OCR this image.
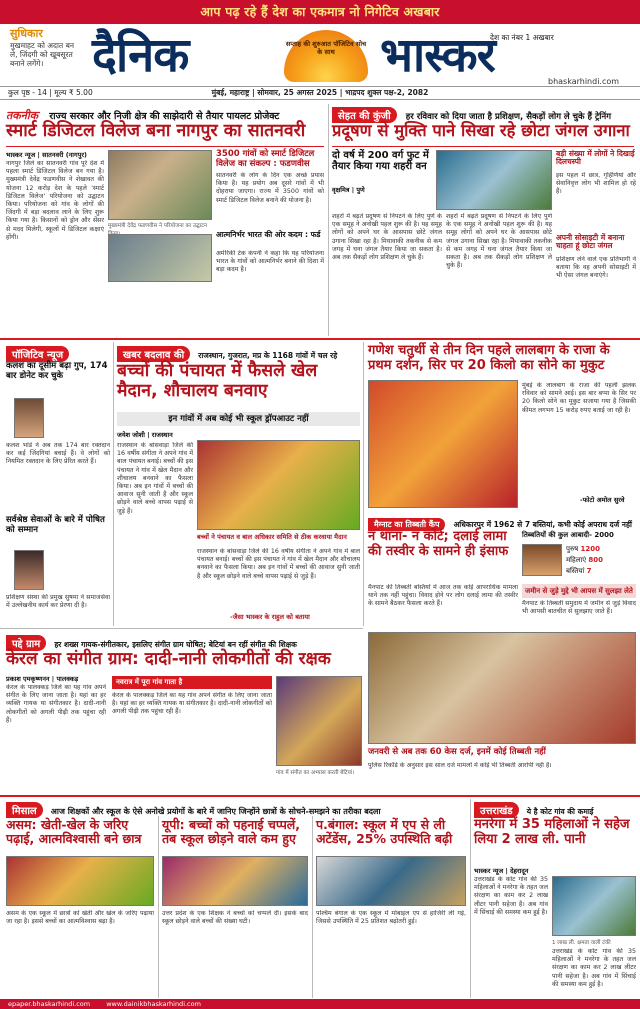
आप पढ़ रहे हैं देश का एकमात्र नो निगेटिव अखबार
सुधिकार
मुखमाहट को अदात बन ले, जिंदगी को खूबसूरत बनाने लगेंगे।	दैनिक	सप्ताह की शुरुआत पॉजिटिव सोच के साथ भास्कर
देश का नंबर 1 अखबार
bhaskarhindi.com
कुल पृष्ठ - 14 | मूल्य ₹ 5.00	मुंबई, महाराष्ट्र | सोमवार, 25 अगस्त 2025 | भाद्रपद शुक्ल पक्ष-2, 2082
तकनीक राज्य सरकार और निजी क्षेत्र की साझेदारी से तैयार पायलट प्रोजेक्ट
स्मार्ट डिजिटल विलेज बना नागपुर का सातनवरी
भास्कर न्यूज | सातनवरी (नागपुर)
नागपुर जिले का सातनवरी गांव पूरे देश में पहला स्मार्ट डिजिटल विलेज बन गया है। मुख्यमंत्री देवेंद्र फडणवीस ने शेखावत की योजना 12 करोड़ देश के पहले 'स्मार्ट डिजिटल विलेज' परियोजना को उद्घाटन किया। परियोजना को गांव के लोगों की जिंदगी में बड़ा बदलाव लाने के लिए शुरू किया गया है। किसानों को ड्रोन और सेंसर से मदद मिलेगी, स्कूलों में डिजिटल कक्षाएं होंगी।
मुख्यमंत्री देवेंद्र फडणवीस ने परियोजना का उद्घाटन
3500 गांवों को स्मार्ट डिजिटल विलेज का संकल्प : फडणवीस
सातनवरी के लोग के दिन एक अच्छे प्रयास किया है। यह प्रयोग अब दूसरे गांवों में भी दोहराया जाएगा। राज्य में 3500 गांवों को स्मार्ट डिजिटल विलेज बनाने की योजना है।
आत्मनिर्भर भारत की ओर कदम : फर्ड
अमेरिकी टेक कंपनी ने कहा कि यह परियोजना भारत के गांवों को आत्मनिर्भर बनाने की दिशा में बड़ा कदम है।
सेहत की कुंजी हर रविवार को दिया जाता है प्रशिक्षण, सैकड़ों लोग ले चुके हैं ट्रेनिंग
प्रदूषण से मुक्ति पाने सिखा रहे छोटा जंगल उगाना
दो वर्ष में 200 वर्ग फुट में तैयार किया गया शहरी वन
वृक्षमित्र | पुणे
शहरों में बढ़ते प्रदूषण से निपटने के लिए पुणे के एक समूह ने अनोखी पहल शुरू की है। यह समूह लोगों को अपने घर के आसपास छोटे जंगल उगाना सिखा रहा है। मियावाकी तकनीक से कम जगह में घना जंगल तैयार किया जा सकता है। अब तक सैकड़ों लोग प्रशिक्षण ले चुके हैं।
शहरों में बढ़ते प्रदूषण से निपटने के लिए पुणे के एक समूह ने अनोखी पहल शुरू की है। यह समूह लोगों को अपने घर के आसपास छोटे जंगल उगाना सिखा रहा है। मियावाकी तकनीक से कम जगह में घना जंगल तैयार किया जा सकता है। अब तक सैकड़ों लोग प्रशिक्षण ले चुके हैं।
बड़ी संख्या में लोगों ने दिखाई दिलचस्पी
इस पहल में छात्र, गृहिणियां और सेवानिवृत्त लोग भी शामिल हो रहे हैं।
अपनी सोसाइटी में बनाना चाहता हूं छोटा जंगल
प्रशिक्षण लेने वाले एक प्रतिभागी ने बताया कि वह अपनी सोसाइटी में भी ऐसा जंगल बनाएंगे।
पॉजिटिव न्यूज
कलश का दूसीम बढ़ा गुप, 174 बार डोनेट कर चुके
कलश भांडे ने अब तक 174 बार रक्तदान कर कई जिंदगियां बचाई हैं। वे लोगों को नियमित रक्तदान के लिए प्रेरित करते हैं।
सर्वश्रेष्ठ सेवाओं के बारे में पोषित को सम्मान
प्रशिक्षण संस्था की प्रमुख सुषमा ने समाजसेवा में उल्लेखनीय कार्य कर प्रेरणा दी है।
खबर बदलाव की राजस्थान, गुजरात, मप्र के 1168 गांवों में चल रहे
बच्चों की पंचायत में फैसले खेल मैदान, शौचालय बनवाए
इन गांवों में अब कोई भी स्कूल ड्रॉपआउट नहीं
जयेश जोशी | राजस्थान
राजस्थान के बांसवाड़ा जिले की 16 वर्षीय संगीता ने अपने गांव में बाल पंचायत बनाई। बच्चों की इस पंचायत ने गांव में खेल मैदान और शौचालय बनवाने का फैसला किया। अब इन गांवों में बच्चों की आवाज सुनी जाती है और स्कूल छोड़ने वाले बच्चे वापस पढ़ाई से जुड़े हैं।
बच्चों ने पंचायत व बाल अधिकार समिति से ठीक करवाया मैदान
राजस्थान के बांसवाड़ा जिले की 16 वर्षीय संगीता ने अपने गांव में बाल पंचायत बनाई। बच्चों की इस पंचायत ने गांव में खेल मैदान और शौचालय बनवाने का फैसला किया। अब इन गांवों में बच्चों की आवाज सुनी जाती है और स्कूल छोड़ने वाले बच्चे वापस पढ़ाई से जुड़े हैं।
-जैसा भास्कर के राहुल को बताया
गणेश चतुर्थी से तीन दिन पहले लालबाग के राजा के प्रथम दर्शन, सिर पर 20 किलो का सोने का मुकुट
मुंबई के लालबाग के राजा की पहली झलक रविवार को सामने आई। इस बार बप्पा के सिर पर 20 किलो सोने का मुकुट सजाया गया है जिसकी कीमत लगभग 15 करोड़ रुपए बताई जा रही है।
-फोटो अमोल सुरवे
मैग्नाट का तिब्बती कैंप अधिकारपुर में 1962 से 7 बस्तियां, कभी कोई अपराध दर्ज नहीं
न थाना- न कोर्ट; दलाई लामा की तस्वीर के सामने ही इंसाफ
मैनपाट की तिब्बती बस्तियों में आज तक कोई आपराधिक मामला थाने तक नहीं पहुंचा। विवाद होने पर लोग दलाई लामा की तस्वीर के सामने बैठकर फैसला करते हैं।
तिब्बतियों की कुल आबादी- 2000
पुरुष 1200
महिलाएं 800
बस्तियां 7
जमीन से जुड़े मुद्दे भी आपस में सुलझा लेते
मैनपाट के तिब्बती समुदाय में जमीन से जुड़े विवाद भी आपसी बातचीत से सुलझाए जाते हैं।
पद्दे ग्राम हर शख्स गायक-संगीतकार, इसलिए संगीत ग्राम घोषित; बेटियां बन रहीं संगीत की शिक्षक
केरल का संगीत ग्राम: दादी-नानी लोकगीतों की रक्षक
प्रकाश एमकृष्णनन | पालक्कड़
केरल के पालक्कड़ जिले का यह गांव अपने संगीत के लिए जाना जाता है। यहां का हर व्यक्ति गायक या संगीतकार है। दादी-नानी लोकगीतों को अगली पीढ़ी तक पहुंचा रही हैं।
नवरात्र में पूरा गांव गाता है
केरल के पालक्कड़ जिले का यह गांव अपने संगीत के लिए जाना जाता है। यहां का हर व्यक्ति गायक या संगीतकार है। दादी-नानी लोकगीतों को अगली पीढ़ी तक पहुंचा रही हैं।
गांव में संगीत का अभ्यास करती बेटियां।
जनवरी से अब तक 60 केस दर्ज, इनमें कोई तिब्बती नहीं
पुलिस रिकॉर्ड के अनुसार इस साल दर्ज मामलों में कोई भी तिब्बती आरोपी नहीं है।
मिसाल आज शिक्षकों और स्कूल के ऐसे अनोखे प्रयोगों के बारे में जानिए जिन्होंने छात्रों के सोचने-समझने का तरीका बदला
असम: खेती-खेल के जरिए पढ़ाई, आत्मविश्वासी बने छात्र
असम के एक स्कूल में छात्रों को खेती और खेल के जरिए पढ़ाया जा रहा है। इससे बच्चों का आत्मविश्वास बढ़ा है।
यूपी: बच्चों को पहनाई चप्पलें, तब स्कूल छोड़ने वाले कम हुए
उत्तर प्रदेश के एक शिक्षक ने बच्चों को चप्पलें दीं। इसके बाद स्कूल छोड़ने वाले बच्चों की संख्या घटी।
प.बंगाल: स्कूल में एप से ली अटेंडेंस, 25% उपस्थिति बढ़ी
पश्चिम बंगाल के एक स्कूल में मोबाइल एप से हाजिरी ली गई, जिससे उपस्थिति में 25 प्रतिशत बढ़ोतरी हुई।
उत्तराखंड ये है कोट गांव की कमाई
मनरेगा में 35 महिलाओं ने सहेज लिया 2 लाख ली. पानी
भास्कर न्यूज | देहरादून
उत्तराखंड के कोट गांव की 35 महिलाओं ने मनरेगा के तहत जल संरक्षण का काम कर 2 लाख लीटर पानी सहेजा है। अब गांव में सिंचाई की समस्या कम हुई है।
1 लाख ली. क्षमता वाली टंकी
उत्तराखंड के कोट गांव की 35 महिलाओं ने मनरेगा के तहत जल संरक्षण का काम कर 2 लाख लीटर पानी सहेजा है। अब गांव में सिंचाई की समस्या कम हुई है।
epaper.bhaskarhindi.com www.dainikbhaskarhindi.com
